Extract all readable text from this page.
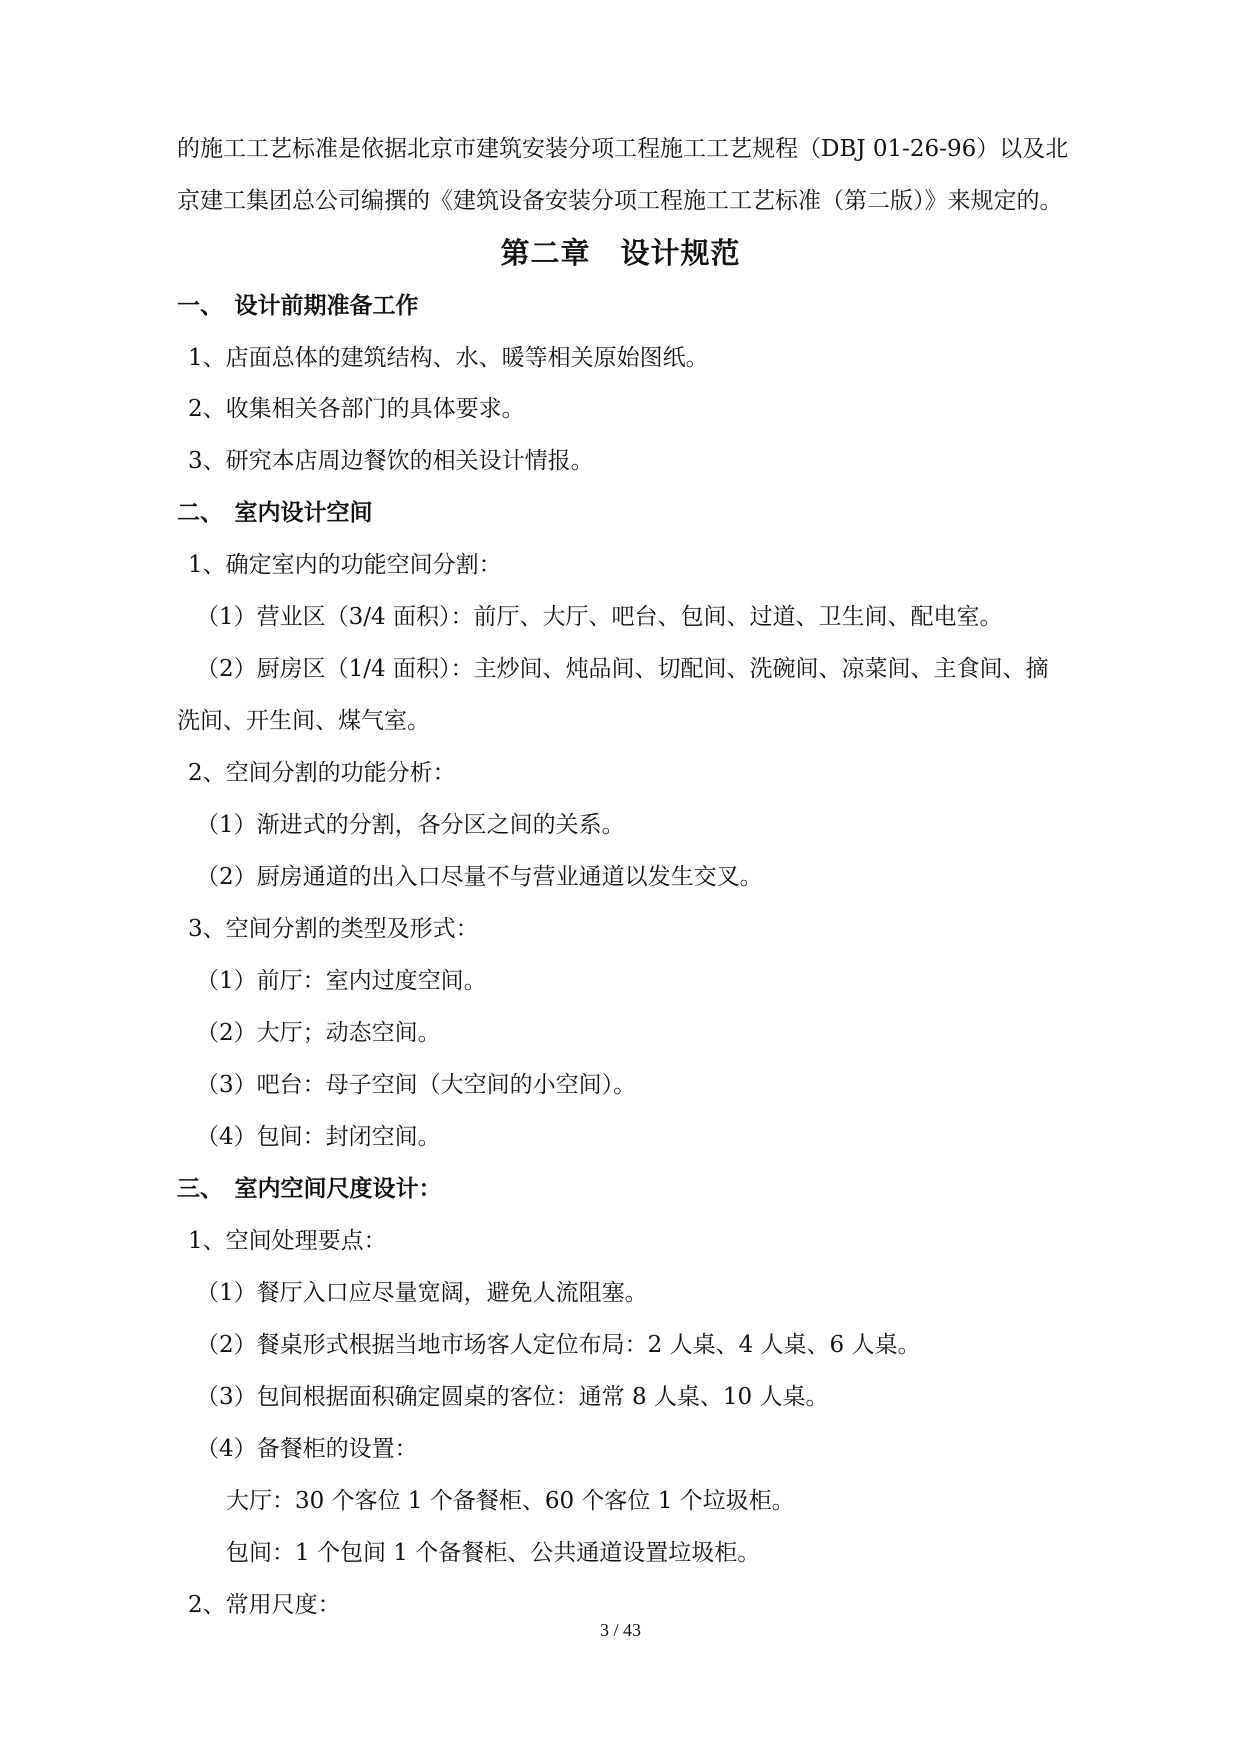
的施工工艺标准是依据北京市建筑安装分项工程施工工艺规程（DBJ 01-26-96）以及北
京建工集团总公司编撰的《建筑设备安装分项工程施工工艺标准（第二版）》来规定的。
第二章　设计规范
一、　设计前期准备工作
1、店面总体的建筑结构、水、暖等相关原始图纸。
2、收集相关各部门的具体要求。
3、研究本店周边餐饮的相关设计情报。
二、　室内设计空间
1、确定室内的功能空间分割：
（1）营业区（3/4 面积）：前厅、大厅、吧台、包间、过道、卫生间、配电室。
（2）厨房区（1/4 面积）：主炒间、炖品间、切配间、洗碗间、凉菜间、主食间、摘
洗间、开生间、煤气室。
2、空间分割的功能分析：
（1）渐进式的分割，各分区之间的关系。
（2）厨房通道的出入口尽量不与营业通道以发生交叉。
3、空间分割的类型及形式：
（1）前厅：室内过度空间。
（2）大厅；动态空间。
（3）吧台：母子空间（大空间的小空间）。
（4）包间：封闭空间。
三、　室内空间尺度设计：
1、空间处理要点：
（1）餐厅入口应尽量宽阔，避免人流阻塞。
（2）餐桌形式根据当地市场客人定位布局：2 人桌、4 人桌、6 人桌。
（3）包间根据面积确定圆桌的客位：通常 8 人桌、10 人桌。
（4）备餐柜的设置：
大厅：30 个客位 1 个备餐柜、60 个客位 1 个垃圾柜。
包间：1 个包间 1 个备餐柜、公共通道设置垃圾柜。
2、常用尺度：
3 / 43
